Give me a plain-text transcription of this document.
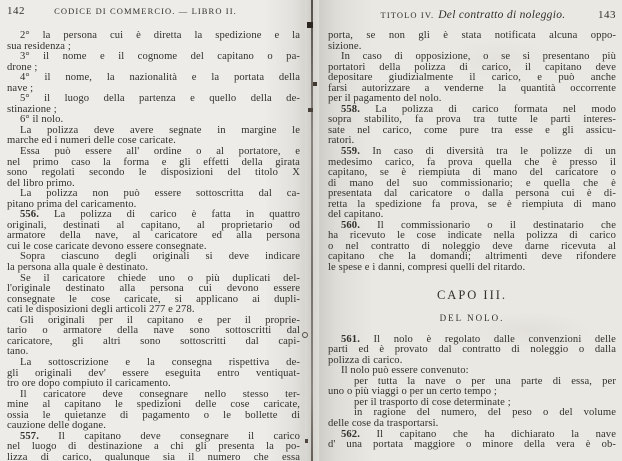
142	CODICE DI COMMERCIO. — LIBRO II.
2° la persona cui è diretta la spedizione e la
sua residenza ;
3° il nome e il cognome del capitano o pa-
drone ;
4° il nome, la nazionalità e la portata della
nave ;
5° il luogo della partenza e quello della de-
stinazione ;
6° il nolo.
La polizza deve avere segnate in margine le
marche ed i numeri delle cose caricate.
Essa può essere all' ordine o al portatore, e
nel primo caso la forma e gli effetti della girata
sono regolati secondo le disposizioni del titolo X
del libro primo.
La polizza non può essere sottoscritta dal ca-
pitano prima del caricamento.
556. La polizza di carico è fatta in quattro
originali, destinati al capitano, al proprietario od
armatore della nave, al caricatore ed alla persona
cui le cose caricate devono essere consegnate.
Sopra ciascuno degli originali si deve indicare
la persona alla quale è destinato.
Se il caricatore chiede uno o più duplicati del-
l'originale destinato alla persona cui devono essere
consegnate le cose caricate, si applicano ai dupli-
cati le disposizioni degli articoli 277 e 278.
Gli originali per il capitano e per il proprie-
tario o armatore della nave sono sottoscritti dal
caricatore, gli altri sono sottoscritti dal capi-
tano.
La sottoscrizione e la consegna rispettiva de-
gli originali dev' essere eseguita entro ventiquat-
tro ore dopo compiuto il caricamento.
Il caricatore deve consegnare nello stesso ter-
mine al capitano le spedizioni delle cose caricate,
ossia le quietanze di pagamento o le bollette di
cauzione delle dogane.
557. Il capitano deve consegnare il carico
nel luogo di destinazione a chi gli presenta la po-
lizza di carico, qualunque sia il numero che essa
TITOLO IV. Del contratto di noleggio.	143
porta, se non gli è stata notificata alcuna oppo-
sizione.
In caso di opposizione, o se si presentano più
portatori della polizza di carico, il capitano deve
depositare giudizialmente il carico, e può anche
farsi autorizzare a venderne la quantità occorrente
per il pagamento del nolo.
558. La polizza di carico formata nel modo
sopra stabilito, fa prova tra tutte le parti interes-
sate nel carico, come pure tra esse e gli assicu-
ratori.
559. In caso di diversità tra le polizze di un
medesimo carico, fa prova quella che è presso il
capitano, se è riempiuta di mano del caricatore o
di mano del suo commissionario; e quella che è
presentata dal caricatore o dalla persona cui è di-
retta la spedizione fa prova, se è riempiuta di mano
del capitano.
560. Il commissionario o il destinatario che
ha ricevuto le cose indicate nella polizza di carico
o nel contratto di noleggio deve darne ricevuta al
capitano che la domandi; altrimenti deve rifondere
le spese e i danni, compresi quelli del ritardo.
CAPO III.
DEL NOLO.
561. Il nolo è regolato dalle convenzioni delle
parti ed è provato dal contratto di noleggio o dalla
polizza di carico.
Il nolo può essere convenuto:
per tutta la nave o per una parte di essa, per
uno o più viaggi o per un certo tempo ;
per il trasporto di cose determinate ;
in ragione del numero, del peso o del volume
delle cose da trasportarsi.
562. Il capitano che ha dichiarato la nave
d' una portata maggiore o minore della vera è ob-
